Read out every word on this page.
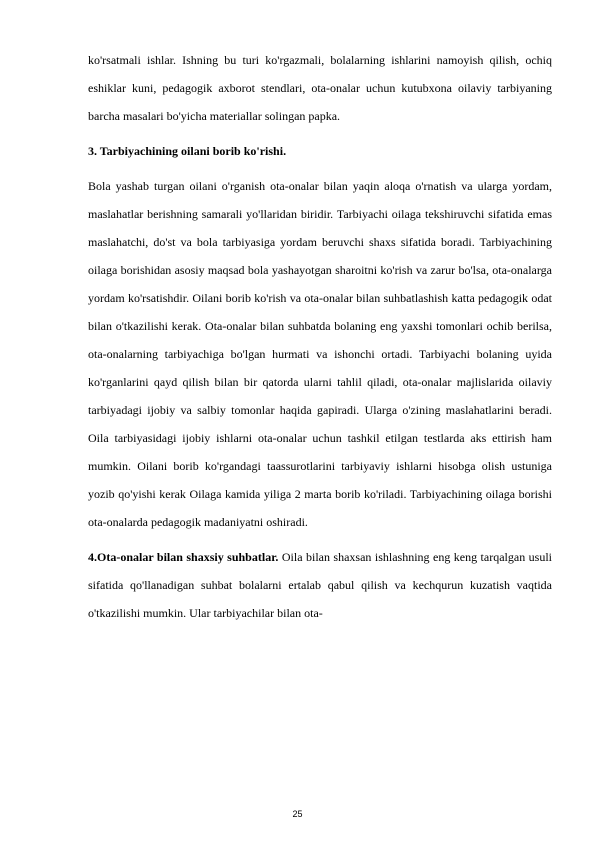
ko'rsatmali ishlar. Ishning bu turi ko'rgazmali, bolalarning ishlarini namoyish qilish, ochiq eshiklar kuni, pedagogik axborot stendlari, ota-onalar uchun kutubxona oilaviy tarbiyaning barcha masalari bo'yicha materiallar solingan papka.

3. Tarbiyachining oilani borib ko'rishi.

Bola yashab turgan oilani o'rganish ota-onalar bilan yaqin aloqa o'rnatish va ularga yordam, maslahatlar berishning samarali yo'llaridan biridir. Tarbiyachi oilaga tekshiruvchi sifatida emas maslahatchi, do'st va bola tarbiyasiga yordam beruvchi shaxs sifatida boradi. Tarbiyachining oilaga borishidan asosiy maqsad bola yashayotgan sharoitni ko'rish va zarur bo'lsa, ota-onalarga yordam ko'rsatishdir. Oilani borib ko'rish va ota-onalar bilan suhbatlashish katta pedagogik odat bilan o'tkazilishi kerak. Ota-onalar bilan suhbatda bolaning eng yaxshi tomonlari ochib berilsa, ota-onalarning tarbiyachiga bo'lgan hurmati va ishonchi ortadi. Tarbiyachi bolaning uyida ko'rganlarini qayd qilish bilan bir qatorda ularni tahlil qiladi, ota-onalar majlislarida oilaviy tarbiyadagi ijobiy va salbiy tomonlar haqida gapiradi. Ularga o'zining maslahatlarini beradi. Oila tarbiyasidagi ijobiy ishlarni ota-onalar uchun tashkil etilgan testlarda aks ettirish ham mumkin. Oilani borib ko'rgandagi taassurotlarini tarbiyaviy ishlarni hisobga olish ustuniga yozib qo'yishi kerak Oilaga kamida yiliga 2 marta borib ko'riladi. Tarbiyachining oilaga borishi ota-onalarda pedagogik madaniyatni oshiradi.

4.Ota-onalar bilan shaxsiy suhbatlar. Oila bilan shaxsan ishlashning eng keng tarqalgan usuli sifatida qo'llanadigan suhbat bolalarni ertalab qabul qilish va kechqurun kuzatish vaqtida o'tkazilishi mumkin. Ular tarbiyachilar bilan ota-

25
